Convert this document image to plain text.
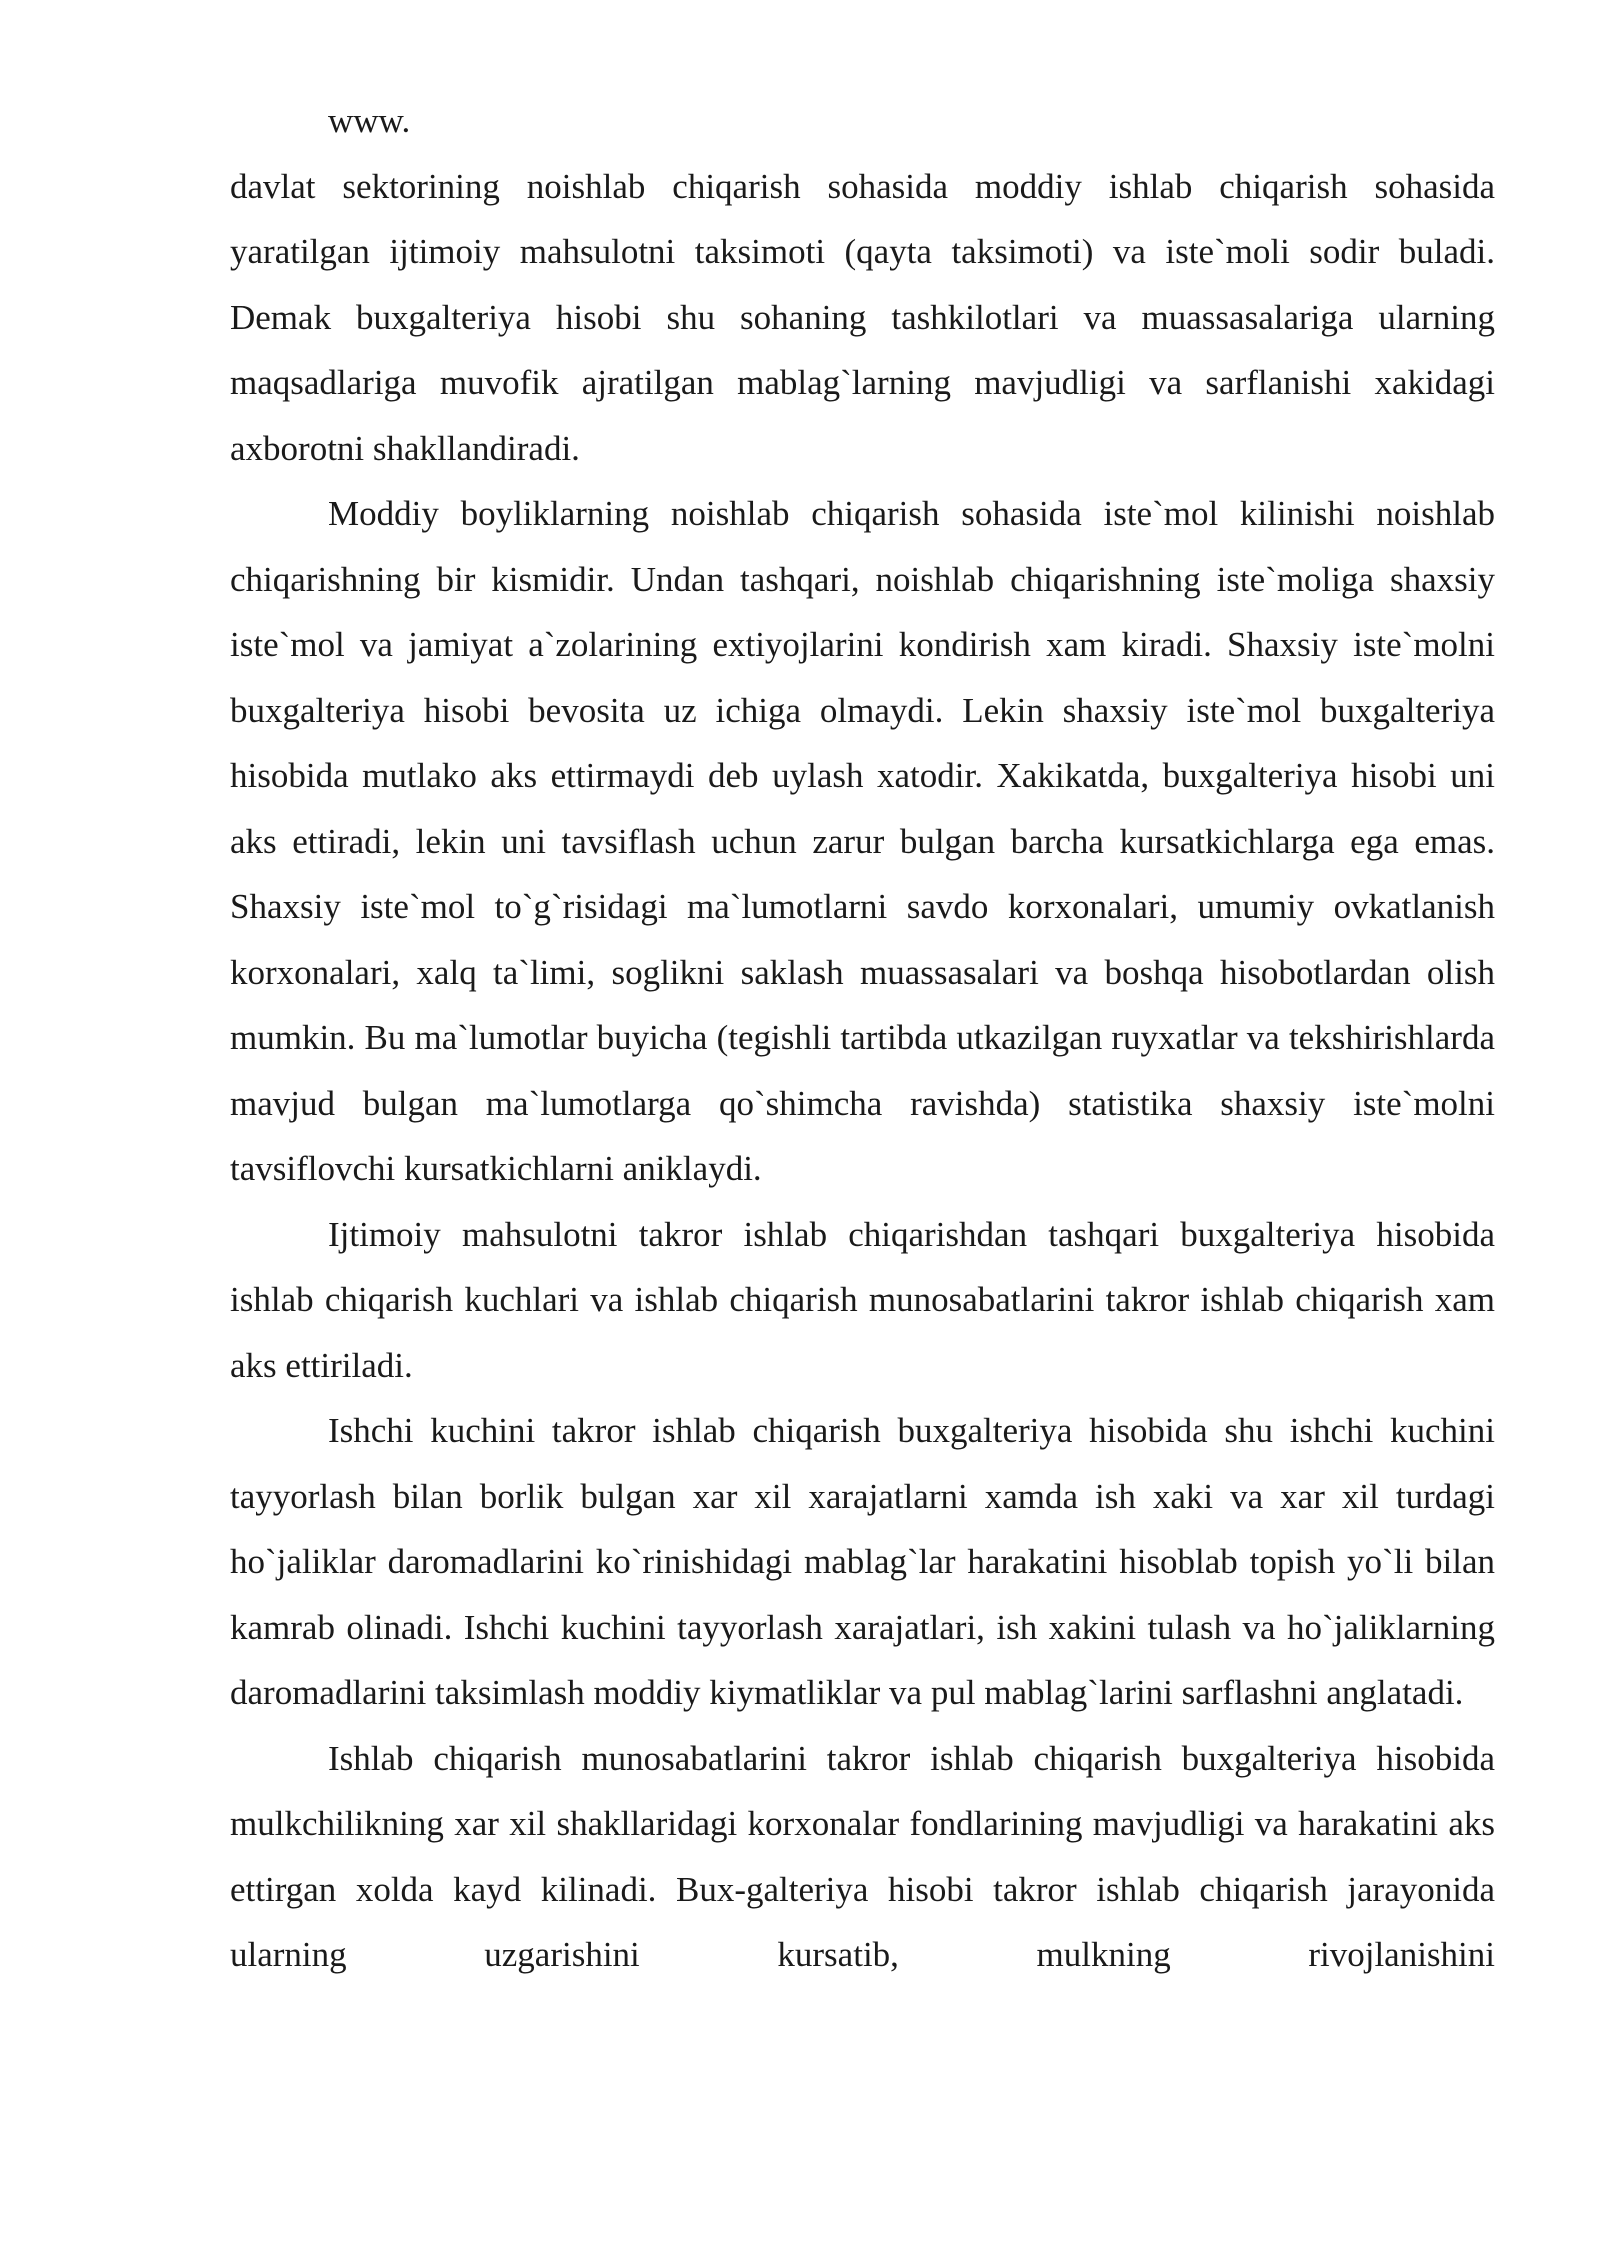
www.

davlat sektorining noishlab chiqarish sohasida moddiy ishlab chiqarish sohasida yaratilgan ijtimoiy mahsulotni taksimoti (qayta taksimoti) va iste`moli sodir buladi. Demak buxgalteriya hisobi shu sohaning tashkilotlari va muassasalariga ularning maqsadlariga muvofik ajratilgan mablag`larning mavjudligi va sarflanishi xakidagi axborotni shakllandiradi.

Moddiy boyliklarning noishlab chiqarish sohasida iste`mol kilinishi noishlab chiqarishning bir kismidir. Undan tashqari, noishlab chiqarishning iste`moliga shaxsiy iste`mol va jamiyat a`zolarining extiyojlarini kondirish xam kiradi. Shaxsiy iste`molni buxgalteriya hisobi bevosita uz ichiga olmaydi. Lekin shaxsiy iste`mol buxgalteriya hisobida mutlako aks ettirmaydi deb uylash xatodir. Xakikatda, buxgalteriya hisobi uni aks ettiradi, lekin uni tavsiflash uchun zarur bulgan barcha kursatkichlarga ega emas. Shaxsiy iste`mol to`g`risidagi ma`lumotlarni savdo korxonalari, umumiy ovkatlanish korxonalari, xalq ta`limi, soglikni saklash muassasalari va boshqa hisobotlardan olish mumkin. Bu ma`lumotlar buyicha (tegishli tartibda utkazilgan ruyxatlar va tekshirishlarda mavjud bulgan ma`lumotlarga qo`shimcha ravishda) statistika shaxsiy iste`molni tavsiflovchi kursatkichlarni aniklaydi.

Ijtimoiy mahsulotni takror ishlab chiqarishdan tashqari buxgalteriya hisobida ishlab chiqarish kuchlari va ishlab chiqarish munosabatlarini takror ishlab chiqarish xam aks ettiriladi.

Ishchi kuchini takror ishlab chiqarish buxgalteriya hisobida shu ishchi kuchini tayyorlash bilan borlik bulgan xar xil xarajatlarni xamda ish xaki va xar xil turdagi ho`jaliklar daromadlarini ko`rinishidagi mablag`lar harakatini hisoblab topish yo`li bilan kamrab olinadi. Ishchi kuchini tayyorlash xarajatlari, ish xakini tulash va ho`jaliklarning daromadlarini taksimlash moddiy kiymatliklar va pul mablag`larini sarflashni anglatadi.

Ishlab chiqarish munosabatlarini takror ishlab chiqarish buxgalteriya hisobida mulkchilikning xar xil shakllaridagi korxonalar fondlarining mavjudligi va harakatini aks ettirgan xolda kayd kilinadi. Bux-galteriya hisobi takror ishlab chiqarish jarayonida ularning uzgarishini kursatib, mulkning rivojlanishini
